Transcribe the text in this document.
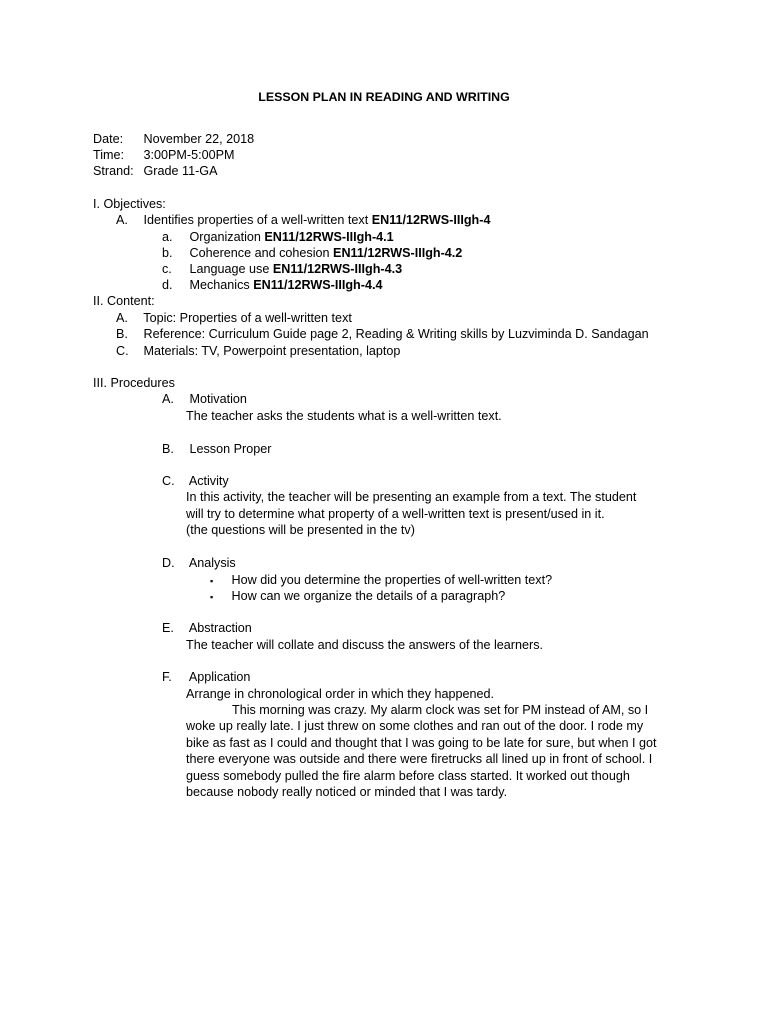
LESSON PLAN IN READING AND WRITING
Date: November 22, 2018
Time: 3:00PM-5:00PM
Strand: Grade 11-GA
I. Objectives:
A. Identifies properties of a well-written text EN11/12RWS-IIIgh-4
a. Organization EN11/12RWS-IIIgh-4.1
b. Coherence and cohesion EN11/12RWS-IIIgh-4.2
c. Language use EN11/12RWS-IIIgh-4.3
d. Mechanics EN11/12RWS-IIIgh-4.4
II. Content:
A. Topic: Properties of a well-written text
B. Reference: Curriculum Guide page 2, Reading & Writing skills by Luzviminda D. Sandagan
C. Materials: TV, Powerpoint presentation, laptop
III. Procedures
A. Motivation
The teacher asks the students what is a well-written text.
B. Lesson Proper
C. Activity
In this activity, the teacher will be presenting an example from a text. The student
will try to determine what property of a well-written text is present/used in it.
(the questions will be presented in the tv)
D. Analysis
▪ How did you determine the properties of well-written text?
▪ How can we organize the details of a paragraph?
E. Abstraction
The teacher will collate and discuss the answers of the learners.
F. Application
Arrange in chronological order in which they happened.
This morning was crazy. My alarm clock was set for PM instead of AM, so I
woke up really late. I just threw on some clothes and ran out of the door. I rode my
bike as fast as I could and thought that I was going to be late for sure, but when I got
there everyone was outside and there were firetrucks all lined up in front of school. I
guess somebody pulled the fire alarm before class started. It worked out though
because nobody really noticed or minded that I was tardy.
